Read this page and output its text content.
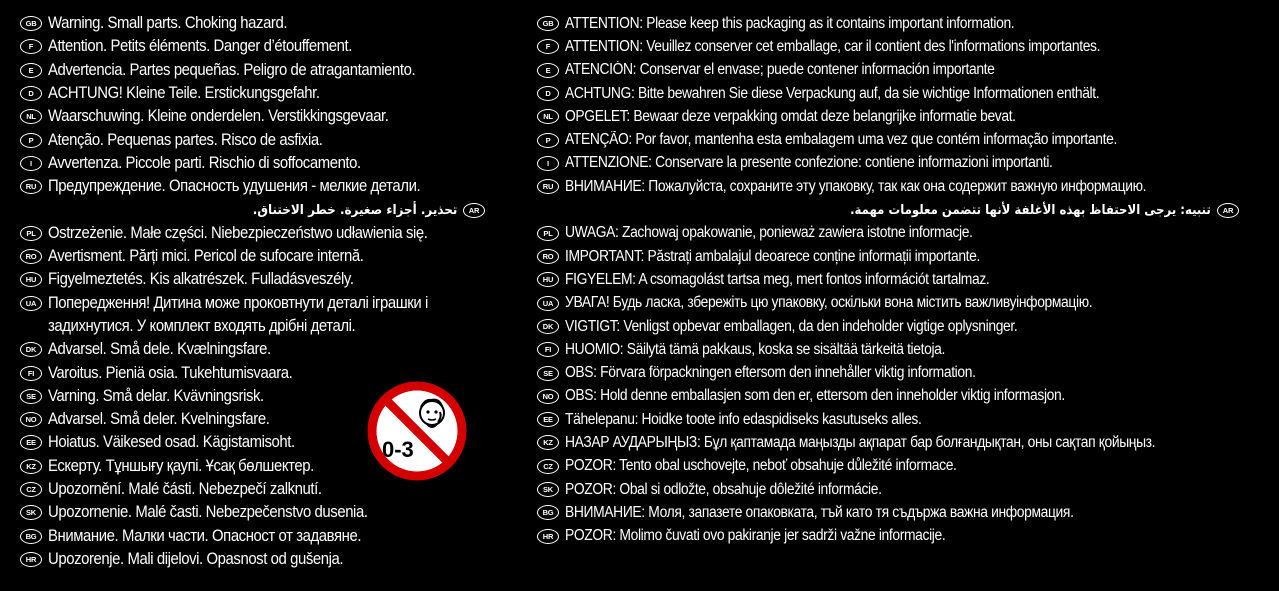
GB Warning. Small parts. Choking hazard.
F Attention. Petits éléments. Danger d’étouffement.
E Advertencia. Partes pequeñas. Peligro de atragantamiento.
D ACHTUNG! Kleine Teile. Erstickungsgefahr.
NL Waarschuwing. Kleine onderdelen. Verstikkingsgevaar.
P Atenção. Pequenas partes. Risco de asfixia.
I Avvertenza. Piccole parti. Rischio di soffocamento.
RU Предупреждение. Опасность удушения - мелкие детали.
AR
تحذير. أجزاء صغيرة. خطر الاختناق.
PL Ostrzeżenie. Małe części. Niebezpieczeństwo udławienia się.
RO Avertisment. Părți mici. Pericol de sufocare internă.
HU Figyelmeztetés. Kis alkatrészek. Fulladásveszély.
UA Попередження! Дитина може проковтнути деталі іграшки і
задихнутися. У комплект входять дрібні деталі.
DK Advarsel. Små dele. Kvælningsfare.
FI Varoitus. Pieniä osia. Tukehtumisvaara.
SE Varning. Små delar. Kvävningsrisk.
NO Advarsel. Små deler. Kvelningsfare.
EE Hoiatus. Väikesed osad. Kägistamisoht.
KZ Ескерту. Тұншығу қаупі. Ұсақ бөлшектер.
CZ Upozornění. Malé části. Nebezpečí zalknutí.
SK Upozornenie. Malé časti. Nebezpečenstvo dusenia.
BG Внимание. Малки части. Опасност от задавяне.
HR Upozorenje. Mali dijelovi. Opasnost od gušenja.
0-3
GB ATTENTION: Please keep this packaging as it contains important information.
F ATTENTION: Veuillez conserver cet emballage, car il contient des l'informations importantes.
E ATENCIÓN: Conservar el envase; puede contener información importante
D ACHTUNG: Bitte bewahren Sie diese Verpackung auf, da sie wichtige Informationen enthält.
NL OPGELET: Bewaar deze verpakking omdat deze belangrijke informatie bevat.
P ATENÇÃO: Por favor, mantenha esta embalagem uma vez que contém informação importante.
I	ATTENZIONE: Conservare la presente confezione: contiene informazioni importanti.
RU ВНИМАНИЕ: Пожалуйста, сохраните эту упаковку, так как она содержит важную информацию.
AR
تنبيه: يرجى الاحتفاظ بهذه الأغلفة لأنها تتضمن معلومات مهمة.
PL UWAGA: Zachowaj opakowanie, ponieważ zawiera istotne informacje.
RO IMPORTANT: Păstrați ambalajul deoarece conține informații importante.
HU FIGYELEM: A csomagolást tartsa meg, mert fontos információt tartalmaz.
UA УВАГА! Будь ласка, збережіть цю упаковку, оскільки вона містить важливуінформацію.
DK VIGTIGT: Venligst opbevar emballagen, da den indeholder vigtige oplysninger.
FI HUOMIO: Säilytä tämä pakkaus, koska se sisältää tärkeitä tietoja.
SE OBS: Förvara förpackningen eftersom den innehåller viktig information.
NO OBS: Hold denne emballasjen som den er, ettersom den inneholder viktig informasjon.
EE Tähelepanu: Hoidke toote info edaspidiseks kasutuseks alles.
KZ НАЗАР АУДАРЫҢЫЗ: Бұл қаптамада маңызды ақпарат бар болғандықтан, оны сақтап қойыңыз.
CZ POZOR: Tento obal uschovejte, neboť obsahuje důležité informace.
SK POZOR: Obal si odložte, obsahuje dôležité informácie.
BG ВНИМАНИЕ: Моля, запазете опаковката, тъй като тя съдържа важна информация.
HR POZOR: Molimo čuvati ovo pakiranje jer sadrži važne informacije.
